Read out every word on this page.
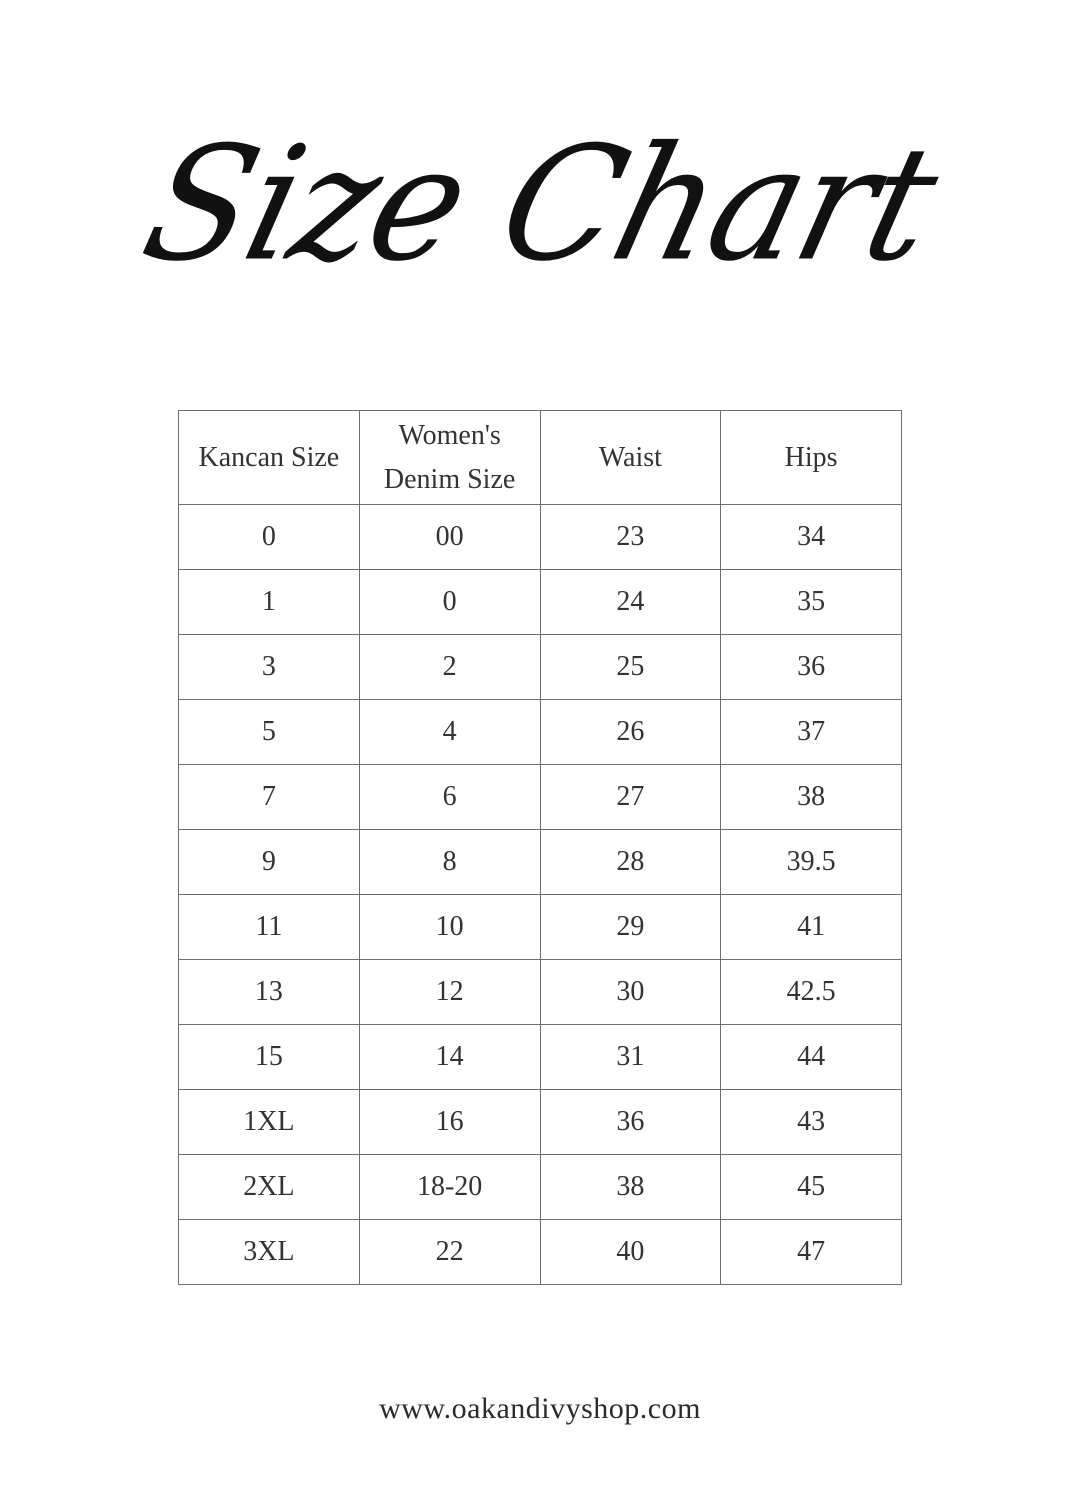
Size Chart
Kancan Size	Women's Denim Size	Waist	Hips
0	00	23	34
1	0	24	35
3	2	25	36
5	4	26	37
7	6	27	38
9	8	28	39.5
11	10	29	41
13	12	30	42.5
15	14	31	44
1XL	16	36	43
2XL	18-20	38	45
3XL	22	40	47
www.oakandivyshop.com
